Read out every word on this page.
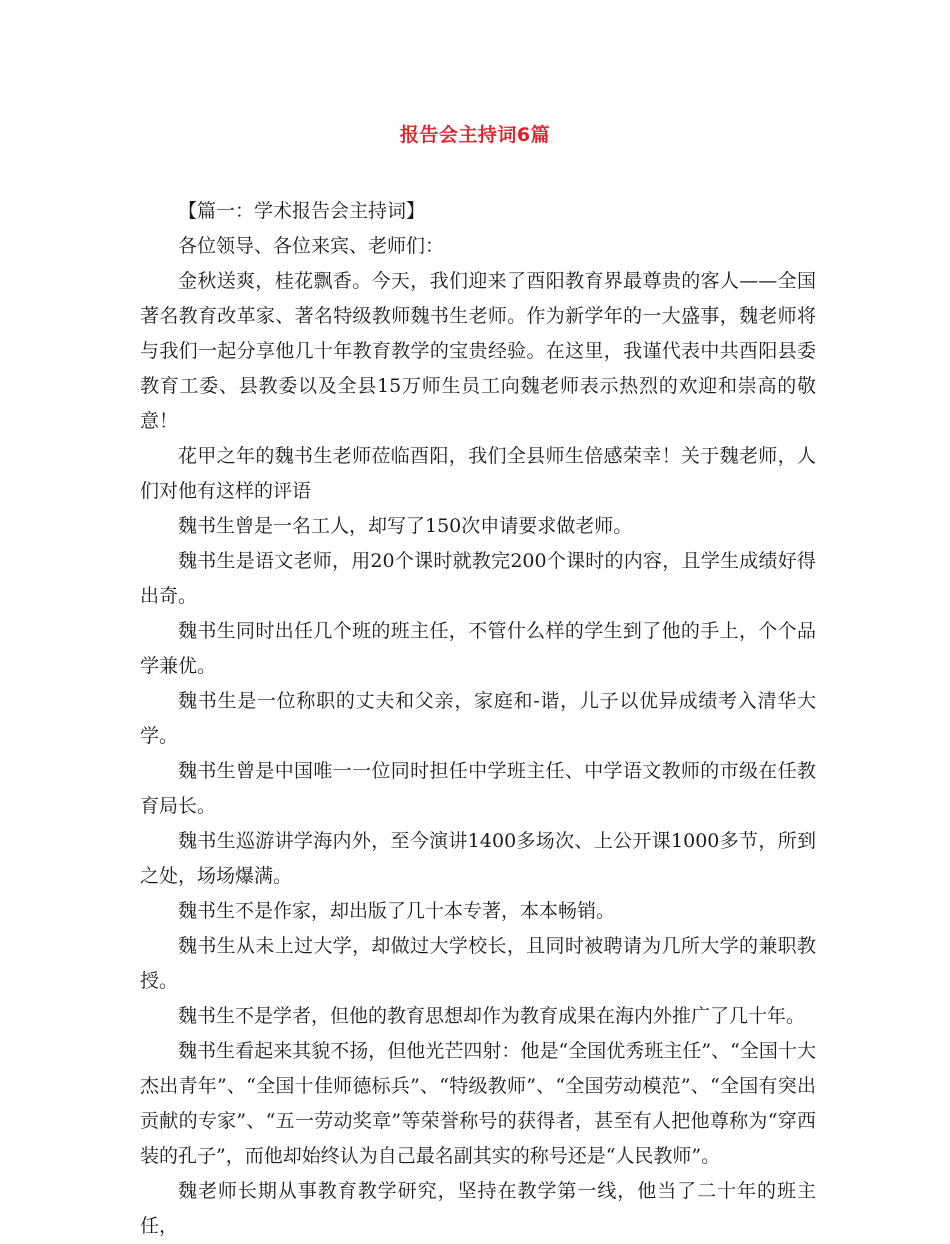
报告会主持词6篇

【篇一：学术报告会主持词】

各位领导、各位来宾、老师们：

金秋送爽，桂花飘香。今天，我们迎来了酉阳教育界最尊贵的客人——全国著名教育改革家、著名特级教师魏书生老师。作为新学年的一大盛事，魏老师将与我们一起分享他几十年教育教学的宝贵经验。在这里，我谨代表中共酉阳县委教育工委、县教委以及全县15万师生员工向魏老师表示热烈的欢迎和崇高的敬意！

花甲之年的魏书生老师莅临酉阳，我们全县师生倍感荣幸！关于魏老师，人们对他有这样的评语

魏书生曾是一名工人，却写了150次申请要求做老师。

魏书生是语文老师，用20个课时就教完200个课时的内容，且学生成绩好得出奇。

魏书生同时出任几个班的班主任，不管什么样的学生到了他的手上，个个品学兼优。

魏书生是一位称职的丈夫和父亲，家庭和-谐，儿子以优异成绩考入清华大学。

魏书生曾是中国唯一一位同时担任中学班主任、中学语文教师的市级在任教育局长。

魏书生巡游讲学海内外，至今演讲1400多场次、上公开课1000多节，所到之处，场场爆满。

魏书生不是作家，却出版了几十本专著，本本畅销。

魏书生从未上过大学，却做过大学校长，且同时被聘请为几所大学的兼职教授。

魏书生不是学者，但他的教育思想却作为教育成果在海内外推广了几十年。

魏书生看起来其貌不扬，但他光芒四射：他是“全国优秀班主任”、“全国十大杰出青年”、“全国十佳师德标兵”、“特级教师”、“全国劳动模范”、“全国有突出贡献的专家”、“五一劳动奖章”等荣誉称号的获得者，甚至有人把他尊称为“穿西装的孔子”，而他却始终认为自己最名副其实的称号还是“人民教师”。

魏老师长期从事教育教学研究，坚持在教学第一线，他当了二十年的班主任，
